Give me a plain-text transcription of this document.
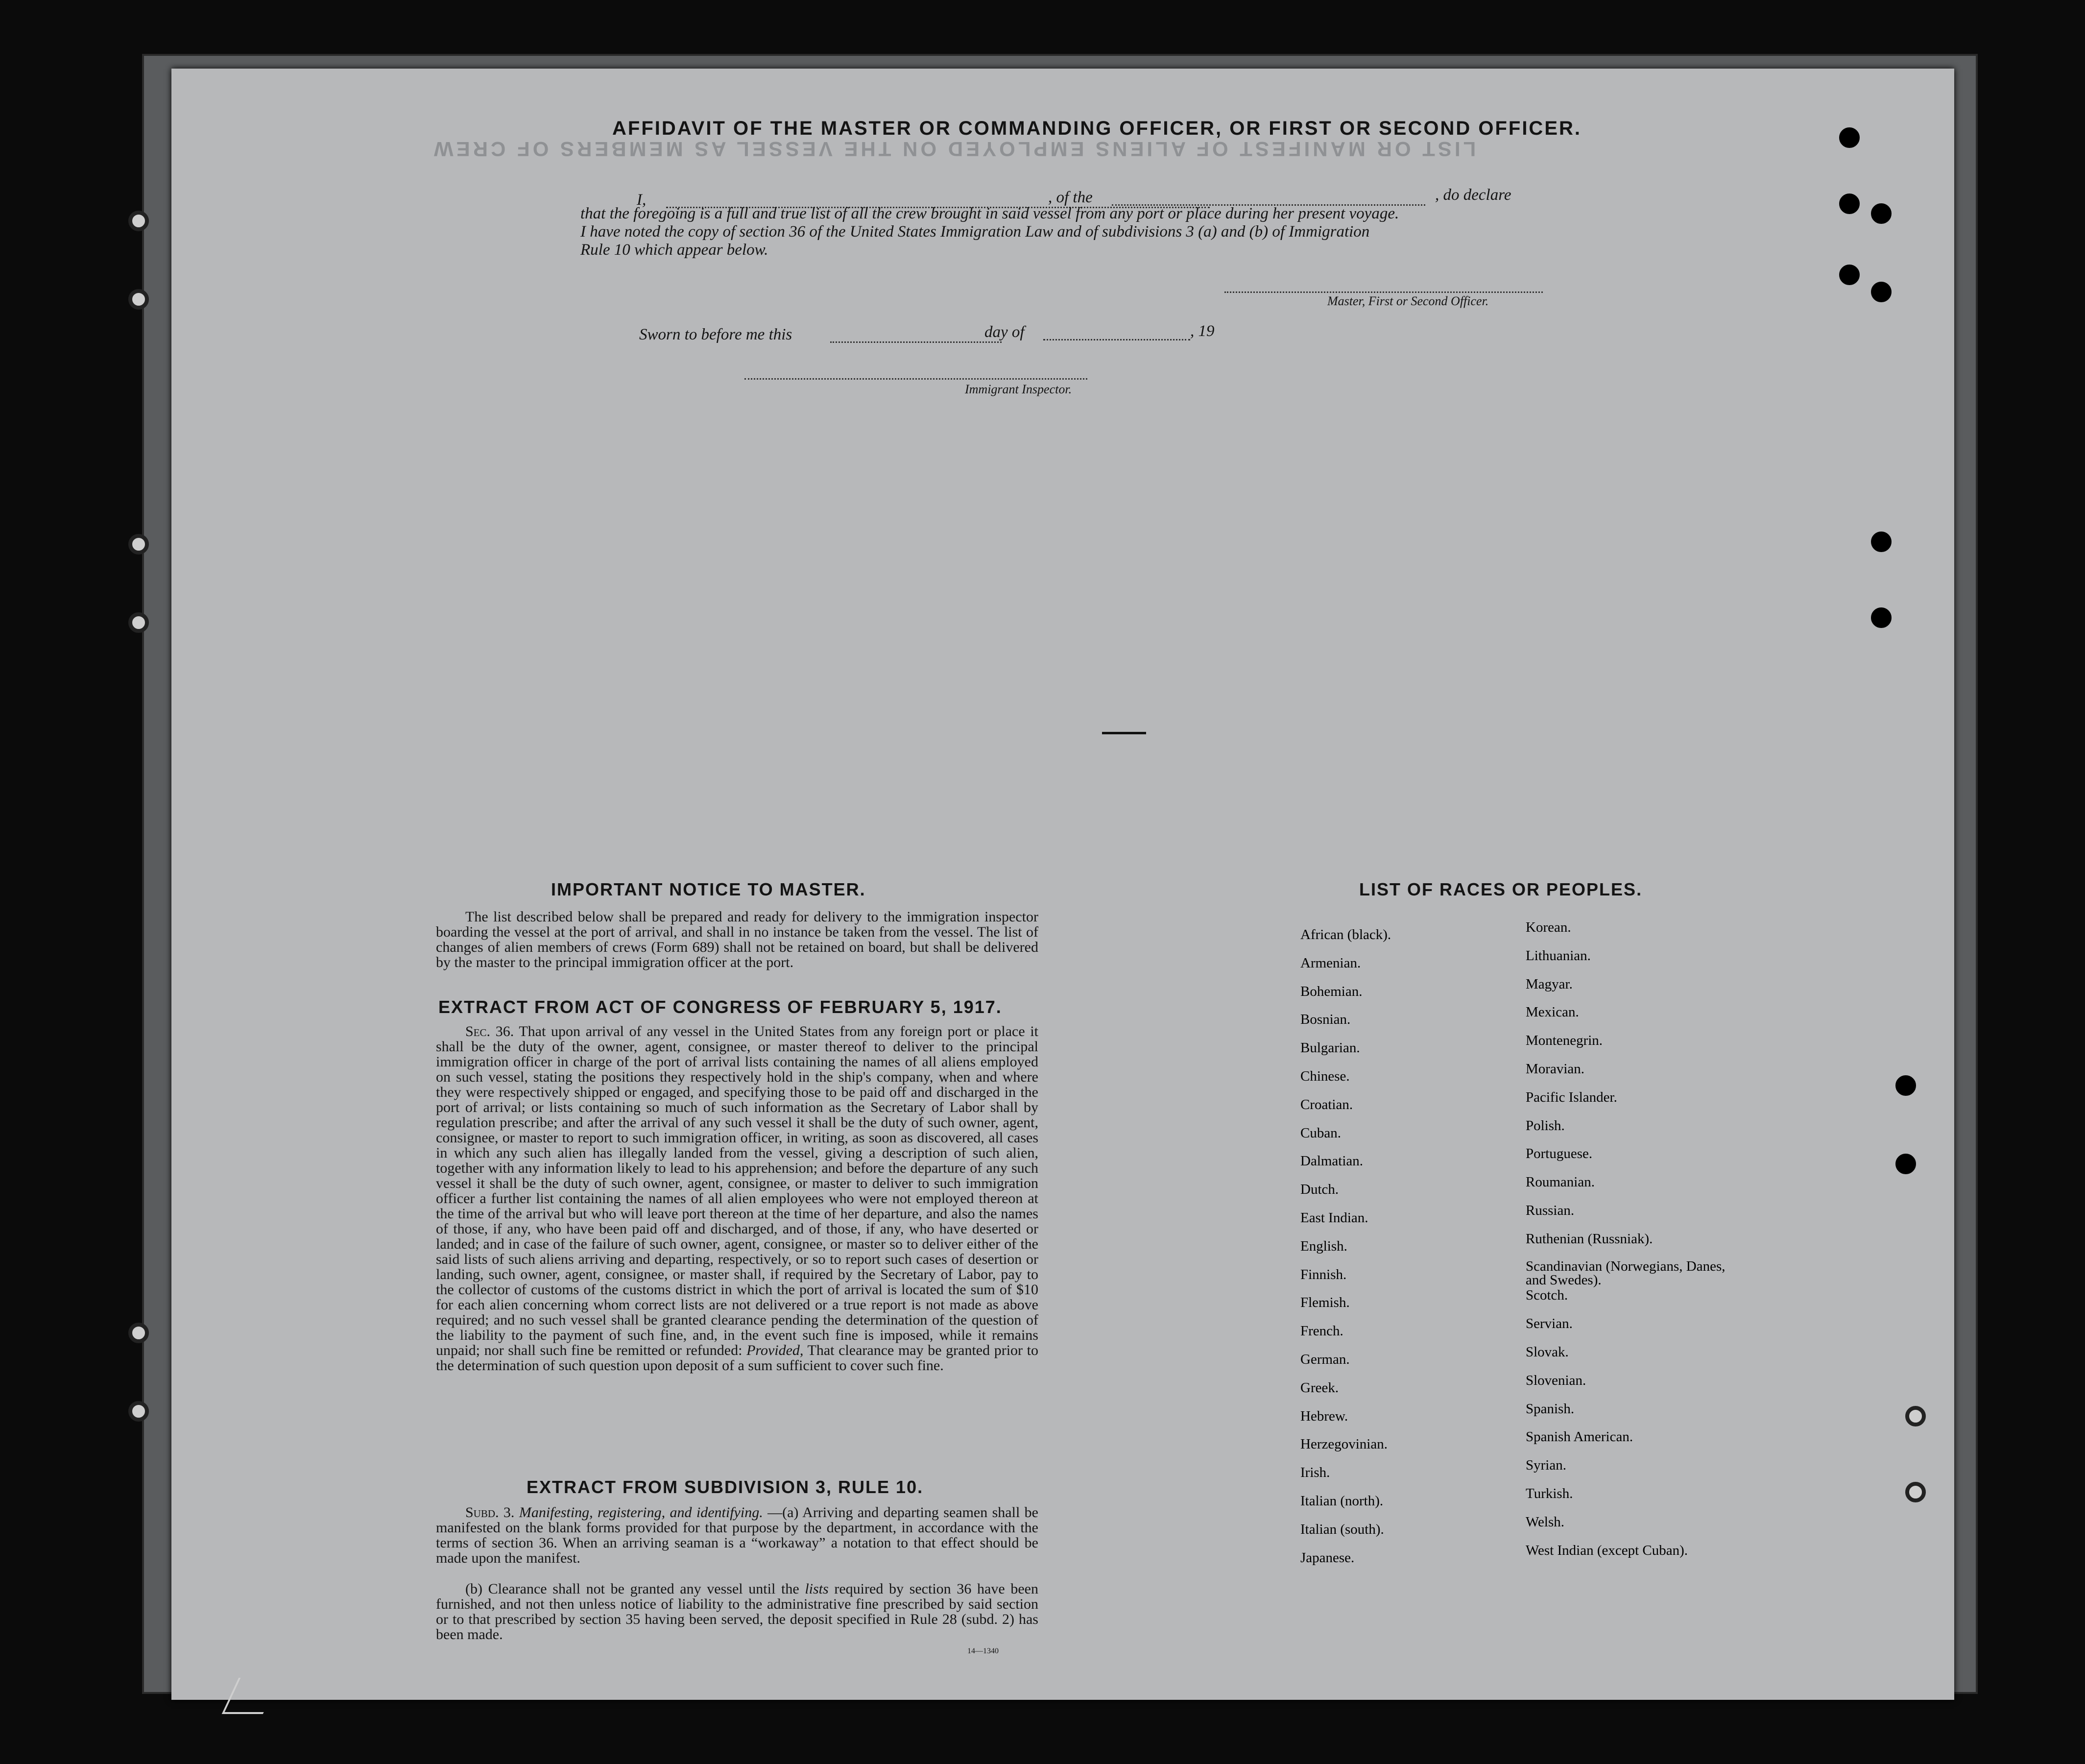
LIST OR MANIFEST OF ALIENS EMPLOYED ON THE VESSEL AS MEMBERS OF CREW
AFFIDAVIT OF THE MASTER OR COMMANDING OFFICER, OR FIRST OR SECOND OFFICER.
I,	, of the	, do declare
that the foregoing is a full and true list of all the crew brought in said vessel from any port or place during her present voyage.
I have noted the copy of section 36 of the United States Immigration Law and of subdivisions 3 (a) and (b) of Immigration
Rule 10 which appear below.
Master, First or Second Officer.
Sworn to before me this	day of	, 19
Immigrant Inspector.
IMPORTANT NOTICE TO MASTER.
The list described below shall be prepared and ready for delivery to the immigration inspector boarding the vessel at the port of arrival, and shall in no instance be taken from the vessel. The list of changes of alien members of crews (Form 689) shall not be retained on board, but shall be delivered by the master to the principal immigration officer at the port.
EXTRACT FROM ACT OF CONGRESS OF FEBRUARY 5, 1917.
Sec. 36. That upon arrival of any vessel in the United States from any foreign port or place it shall be the duty of the owner, agent, consignee, or master thereof to deliver to the principal immigration officer in charge of the port of arrival lists containing the names of all aliens employed on such vessel, stating the positions they respectively hold in the ship's company, when and where they were respectively shipped or engaged, and specifying those to be paid off and discharged in the port of arrival; or lists containing so much of such information as the Secretary of Labor shall by regulation prescribe; and after the arrival of any such vessel it shall be the duty of such owner, agent, consignee, or master to report to such immigration officer, in writing, as soon as discovered, all cases in which any such alien has illegally landed from the vessel, giving a description of such alien, together with any information likely to lead to his apprehension; and before the departure of any such vessel it shall be the duty of such owner, agent, consignee, or master to deliver to such immigration officer a further list containing the names of all alien employees who were not employed thereon at the time of the arrival but who will leave port thereon at the time of her departure, and also the names of those, if any, who have been paid off and discharged, and of those, if any, who have deserted or landed; and in case of the failure of such owner, agent, consignee, or master so to deliver either of the said lists of such aliens arriving and departing, respectively, or so to report such cases of desertion or landing, such owner, agent, consignee, or master shall, if required by the Secretary of Labor, pay to the collector of customs of the customs district in which the port of arrival is located the sum of $10 for each alien concerning whom correct lists are not delivered or a true report is not made as above required; and no such vessel shall be granted clearance pending the determination of the question of the liability to the payment of such fine, and, in the event such fine is imposed, while it remains unpaid; nor shall such fine be remitted or refunded: Provided, That clearance may be granted prior to the determination of such question upon deposit of a sum sufficient to cover such fine.
EXTRACT FROM SUBDIVISION 3, RULE 10.
Subd. 3. Manifesting, registering, and identifying. —(a) Arriving and departing seamen shall be manifested on the blank forms provided for that purpose by the department, in accordance with the terms of section 36. When an arriving seaman is a “workaway” a notation to that effect should be made upon the manifest.
(b) Clearance shall not be granted any vessel until the lists required by section 36 have been furnished, and not then unless notice of liability to the administrative fine prescribed by said section or to that prescribed by section 35 having been served, the deposit specified in Rule 28 (subd. 2) has been made.
14—1340
LIST OF RACES OR PEOPLES.
African (black).
Armenian.
Bohemian.
Bosnian.
Bulgarian.
Chinese.
Croatian.
Cuban.
Dalmatian.
Dutch.
East Indian.
English.
Finnish.
Flemish.
French.
German.
Greek.
Hebrew.
Herzegovinian.
Irish.
Italian (north).
Italian (south).
Japanese.
Korean.
Lithuanian.
Magyar.
Mexican.
Montenegrin.
Moravian.
Pacific Islander.
Polish.
Portuguese.
Roumanian.
Russian.
Ruthenian (Russniak).
Scandinavian (Norwegians, Danes, and Swedes).
Scotch.
Servian.
Slovak.
Slovenian.
Spanish.
Spanish American.
Syrian.
Turkish.
Welsh.
West Indian (except Cuban).
